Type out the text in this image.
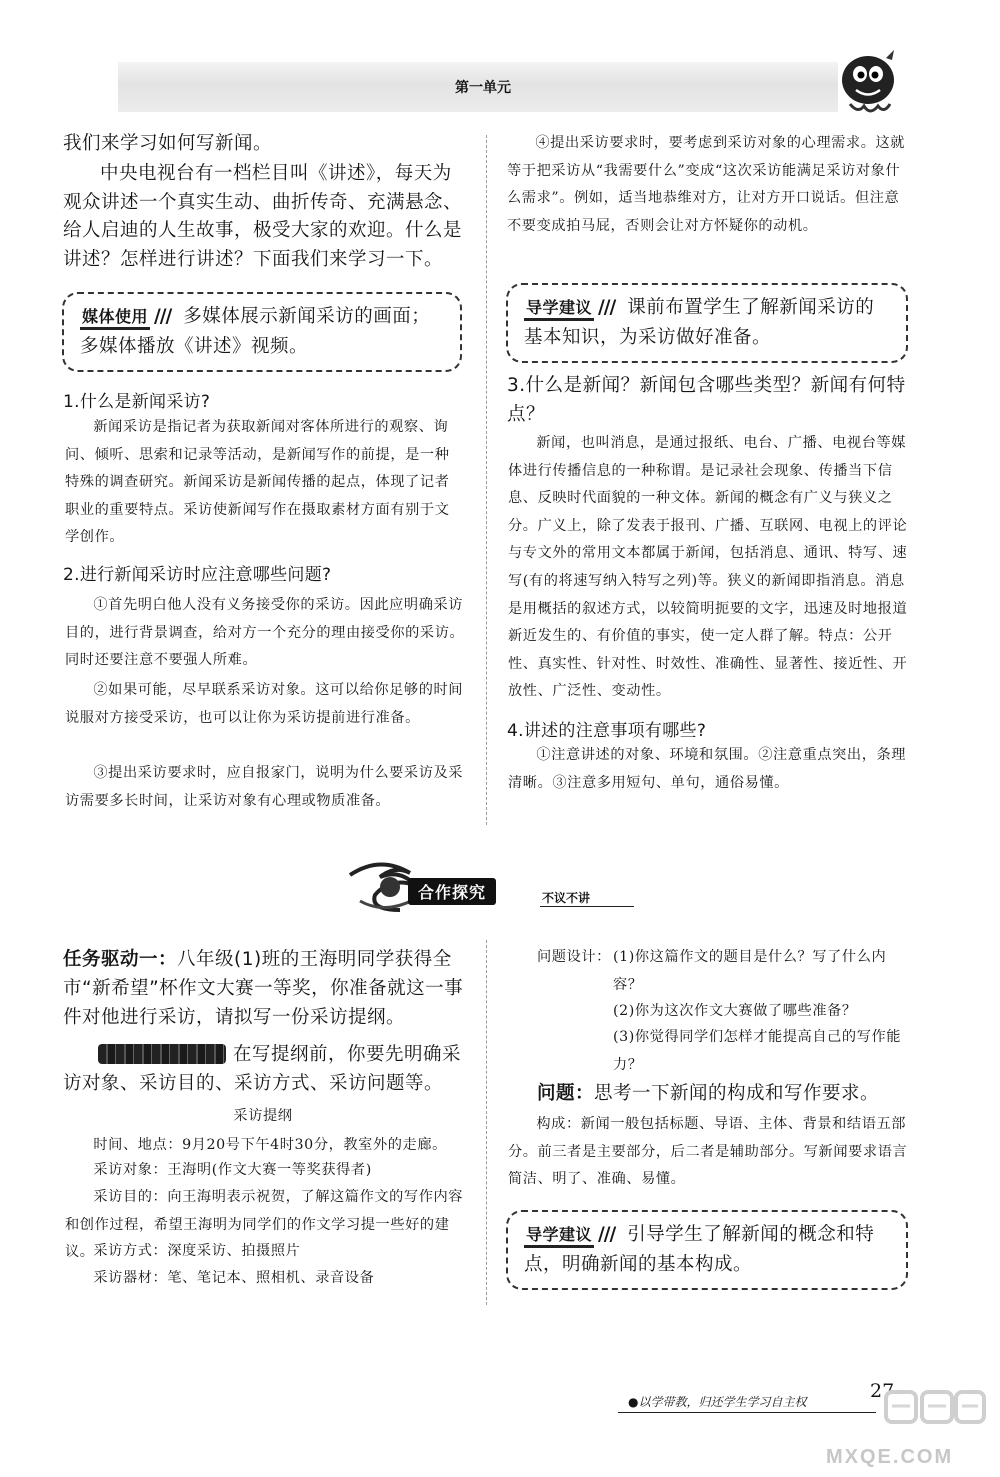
第一单元
我们来学习如何写新闻。
中央电视台有一档栏目叫《讲述》，每天为观众讲述一个真实生动、曲折传奇、充满悬念、给人启迪的人生故事，极受大家的欢迎。什么是讲述？怎样进行讲述？下面我们来学习一下。
媒体使用 /// 多媒体展示新闻采访的画面；多媒体播放《讲述》视频。
1.什么是新闻采访?
新闻采访是指记者为获取新闻对客体所进行的观察、询问、倾听、思索和记录等活动，是新闻写作的前提，是一种特殊的调查研究。新闻采访是新闻传播的起点，体现了记者职业的重要特点。采访使新闻写作在摄取素材方面有别于文学创作。
2.进行新闻采访时应注意哪些问题?
①首先明白他人没有义务接受你的采访。因此应明确采访目的，进行背景调查，给对方一个充分的理由接受你的采访。同时还要注意不要强人所难。
②如果可能，尽早联系采访对象。这可以给你足够的时间说服对方接受采访，也可以让你为采访提前进行准备。
③提出采访要求时，应自报家门，说明为什么要采访及采访需要多长时间，让采访对象有心理或物质准备。
④提出采访要求时，要考虑到采访对象的心理需求。这就等于把采访从“我需要什么”变成“这次采访能满足采访对象什么需求”。例如，适当地恭维对方，让对方开口说话。但注意不要变成拍马屁，否则会让对方怀疑你的动机。
导学建议 /// 课前布置学生了解新闻采访的基本知识，为采访做好准备。
3.什么是新闻？新闻包含哪些类型？新闻有何特点？
新闻，也叫消息，是通过报纸、电台、广播、电视台等媒体进行传播信息的一种称谓。是记录社会现象、传播当下信息、反映时代面貌的一种文体。新闻的概念有广义与狭义之分。广义上，除了发表于报刊、广播、互联网、电视上的评论与专文外的常用文本都属于新闻，包括消息、通讯、特写、速写(有的将速写纳入特写之列)等。狭义的新闻即指消息。消息是用概括的叙述方式，以较简明扼要的文字，迅速及时地报道新近发生的、有价值的事实，使一定人群了解。特点：公开性、真实性、针对性、时效性、准确性、显著性、接近性、开放性、广泛性、变动性。
4.讲述的注意事项有哪些?
①注意讲述的对象、环境和氛围。②注意重点突出，条理清晰。③注意多用短句、单句，通俗易懂。
合作探究	不议不讲
任务驱动一：八年级(1)班的王海明同学获得全市“新希望”杯作文大赛一等奖，你准备就这一事件对他进行采访，请拟写一份采访提纲。
在写提纲前，你要先明确采访对象、采访目的、采访方式、采访问题等。
采访提纲
时间、地点：9月20号下午4时30分，教室外的走廊。
采访对象：王海明(作文大赛一等奖获得者)
采访目的：向王海明表示祝贺，了解这篇作文的写作内容和创作过程，希望王海明为同学们的作文学习提一些好的建议。
采访方式：深度采访、拍摄照片
采访器材：笔、笔记本、照相机、录音设备
问题设计： (1)你这篇作文的题目是什么？写了什么内容？
(2)你为这次作文大赛做了哪些准备？
(3)你觉得同学们怎样才能提高自己的写作能力？
问题：思考一下新闻的构成和写作要求。
构成：新闻一般包括标题、导语、主体、背景和结语五部分。前三者是主要部分，后二者是辅助部分。写新闻要求语言简洁、明了、准确、易懂。
导学建议 /// 引导学生了解新闻的概念和特点，明确新闻的基本构成。
●以学带教，归还学生学习自主权	27
MXQE.COM
